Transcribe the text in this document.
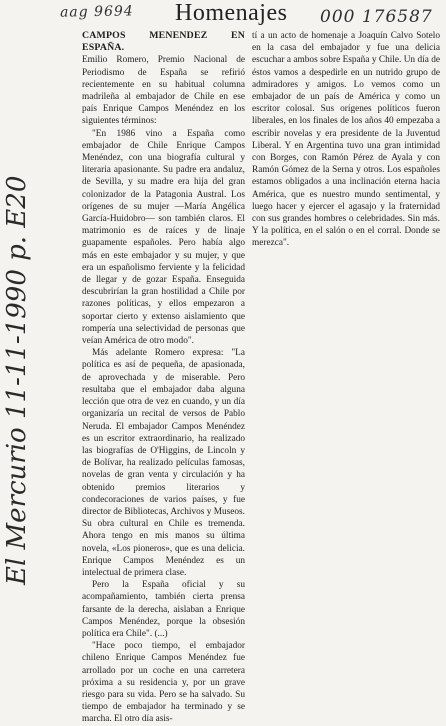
aag 9694 Homenajes 000 176587
El Mercurio 11-11-1990 p. E20

CAMPOS MENENDEZ EN ESPAÑA.

Emilio Romero, Premio Nacional de Periodismo de España se refirió recientemente en su habitual columna madrileña al embajador de Chile en ese país Enrique Campos Menéndez en los siguientes términos:

"En 1986 vino a España como embajador de Chile Enrique Campos Menéndez, con una biografía cultural y literaria apasionante. Su padre era andaluz, de Sevilla, y su madre era hija del gran colonizador de la Patagonia Austral. Los orígenes de su mujer —María Angélica García-Huidobro— son también claros. El matrimonio es de raíces y de linaje guapamente españoles. Pero había algo más en este embajador y su mujer, y que era un españolismo ferviente y la felicidad de llegar y de gozar España. Enseguida descubrirían la gran hostilidad a Chile por razones políticas, y ellos empezaron a soportar cierto y extenso aislamiento que rompería una selectividad de personas que veían América de otro modo".

Más adelante Romero expresa: "La política es así de pequeña, de apasionada, de aprovechada y de miserable. Pero resultaba que el embajador daba alguna lección que otra de vez en cuando, y un día organizaría un recital de versos de Pablo Neruda. El embajador Campos Menéndez es un escritor extraordinario, ha realizado las biografías de O'Higgins, de Lincoln y de Bolívar, ha realizado películas famosas, novelas de gran venta y circulación y ha obtenido premios literarios y condecoraciones de varios países, y fue director de Bibliotecas, Archivos y Museos. Su obra cultural en Chile es tremenda. Ahora tengo en mis manos su última novela, «Los pioneros», que es una delicia. Enrique Campos Menéndez es un intelectual de primera clase.

Pero la España oficial y su acompañamiento, también cierta prensa farsante de la derecha, aislaban a Enrique Campos Menéndez, porque la obsesión política era Chile". (...)

"Hace poco tiempo, el embajador chileno Enrique Campos Menéndez fue arrollado por un coche en una carretera próxima a su residencia y, por un grave riesgo para su vida. Pero se ha salvado. Su tiempo de embajador ha terminado y se marcha. El otro día asis-

tí a un acto de homenaje a Joaquín Calvo Sotelo en la casa del embajador y fue una delicia escuchar a ambos sobre España y Chile. Un día de éstos vamos a despedirle en un nutrido grupo de admiradores y amigos. Lo vemos como un embajador de un país de América y como un escritor colosal. Sus orígenes políticos fueron liberales, en los finales de los años 40 empezaba a escribir novelas y era presidente de la Juventud Liberal. Y en Argentina tuvo una gran intimidad con Borges, con Ramón Pérez de Ayala y con Ramón Gómez de la Serna y otros. Los españoles estamos obligados a una inclinación eterna hacia América, que es nuestro mundo sentimental, y luego hacer y ejercer el agasajo y la fraternidad con sus grandes hombres o celebridades. Sin más. Y la política, en el salón o en el corral. Donde se merezca".
